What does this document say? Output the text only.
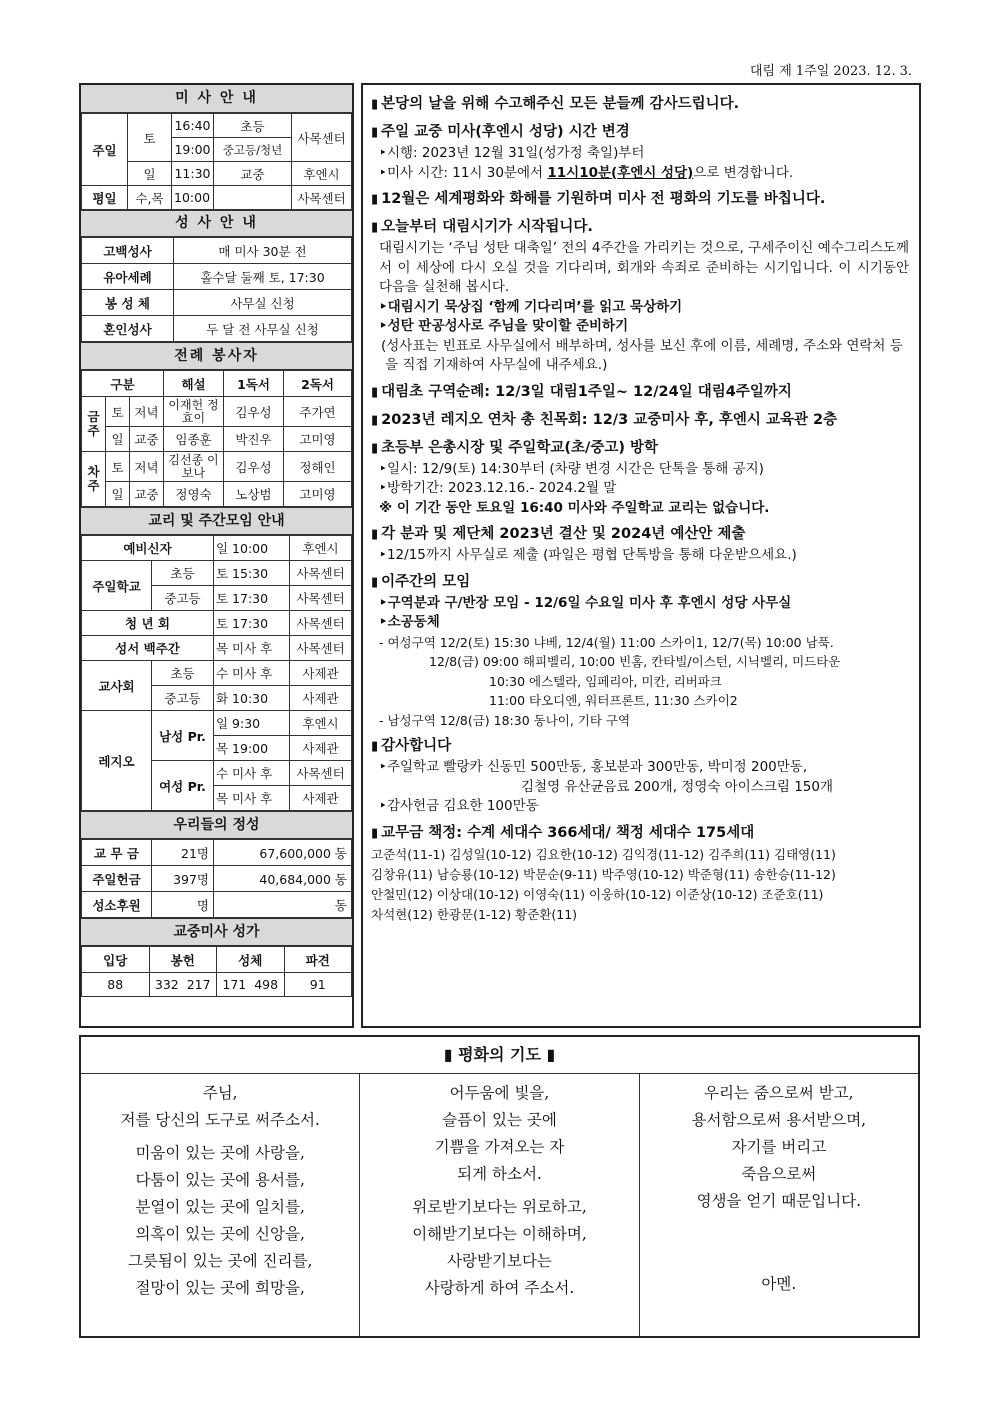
대림 제 1주일 2023. 12. 3.
미 사 안 내
주일	토	16:40	초등	사목센터
		19:00	중고등/청년	
	일	11:30	교중	후엔시
평일	수,목	10:00		사목센터
성 사 안 내
고백성사	매 미사 30분 전
유아세례	홀수달 둘째 토, 17:30
봉 성 체	사무실 신청
혼인성사	두 달 전 사무실 신청
전례 봉사자
구분			해설	1독서	2독서
금주	토	저녁	이재헌 정효이	김우성	주가연
	일	교중	임종훈	박진우	고미영
차주	토	저녁	김선종 이보나	김우성	정해인
	일	교중	정영숙	노상범	고미영
교리 및 주간모임 안내
예비신자		일 10:00	후엔시
주일학교	초등	토 15:30	사목센터
	중고등	토 17:30	사목센터
청 년 회		토 17:30	사목센터
성서 백주간		목 미사 후	사목센터
교사회	초등	수 미사 후	사제관
	중고등	화 10:30	사제관
레지오	남성 Pr.	일 9:30	후엔시
		목 19:00	사제관
	여성 Pr.	수 미사 후	사목센터
		목 미사 후	사제관
우리들의 정성
교 무 금	21명	67,600,000 동
주일헌금	397명	40,684,000 동
성소후원	명	동
교중미사 성가
입당	봉헌	성체	파견
88	332  217	171  498	91
▮ 본당의 날을 위해 수고해주신 모든 분들께 감사드립니다.
▮ 주일 교중 미사(후엔시 성당) 시간 변경
‣시행: 2023년 12월 31일(성가정 축일)부터
‣미사 시간: 11시 30분에서 11시10분(후엔시 성당)으로 변경합니다.
▮ 12월은 세계평화와 화해를 기원하며 미사 전 평화의 기도를 바칩니다.
▮ 오늘부터 대림시기가 시작됩니다.
대림시기는 ‘주님 성탄 대축일’ 전의 4주간을 가리키는 것으로, 구세주이신 예수그리스도께서 이 세상에 다시 오실 것을 기다리며, 회개와 속죄로 준비하는 시기입니다. 이 시기동안 다음을 실천해 봅시다.
‣대림시기 묵상집 ‘함께 기다리며’를 읽고 묵상하기
‣성탄 판공성사로 주님을 맞이할 준비하기
(성사표는 빈표로 사무실에서 배부하며, 성사를 보신 후에 이름, 세례명, 주소와 연락처 등을 직접 기재하여 사무실에 내주세요.)
▮ 대림초 구역순례: 12/3일 대림1주일~ 12/24일 대림4주일까지
▮ 2023년 레지오 연차 총 친목회: 12/3 교중미사 후, 후엔시 교육관 2층
▮ 초등부 은총시장 및 주일학교(초/중고) 방학
‣일시: 12/9(토) 14:30부터 (차량 변경 시간은 단톡을 통해 공지)
‣방학기간: 2023.12.16.- 2024.2월 말
※ 이 기간 동안 토요일 16:40 미사와 주일학교 교리는 없습니다.
▮ 각 분과 및 제단체 2023년 결산 및 2024년 예산안 제출
‣12/15까지 사무실로 제출 (파일은 평협 단톡방을 통해 다운받으세요.)
▮ 이주간의 모임
‣구역분과 구/반장 모임 - 12/6일 수요일 미사 후 후엔시 성당 사무실
‣소공동체
- 여성구역 12/2(토) 15:30 냐베, 12/4(월) 11:00 스카이1, 12/7(목) 10:00 남푹.
12/8(금) 09:00 해피벨리, 10:00 빈홈, 칸타빌/이스턴, 시닉벨리, 미드타운
10:30 에스텔라, 임페리아, 미칸, 리버파크
11:00 타오디엔, 워터프론트, 11:30 스카이2
- 남성구역 12/8(금) 18:30 동나이, 기타 구역
▮ 감사합니다
‣주일학교 빨랑카 신동민 500만동, 홍보분과 300만동, 박미정 200만동,
김철영 유산균음료 200개, 정영숙 아이스크림 150개
‣감사헌금 김요한 100만동
▮ 교무금 책정: 수계 세대수 366세대/ 책정 세대수 175세대
고준석(11-1) 김성일(10-12) 김요한(10-12) 김익경(11-12) 김주희(11) 김태영(11)
김창유(11) 남승룡(10-12) 박문순(9-11) 박주영(10-12) 박준형(11) 송한승(11-12)
안철민(12) 이상대(10-12) 이영숙(11) 이웅하(10-12) 이준상(10-12) 조준호(11)
차석현(12) 한광문(1-12) 황준환(11)
▮ 평화의 기도 ▮
주님,
저를 당신의 도구로 써주소서.
미움이 있는 곳에 사랑을,
다툼이 있는 곳에 용서를,
분열이 있는 곳에 일치를,
의혹이 있는 곳에 신앙을,
그릇됨이 있는 곳에 진리를,
절망이 있는 곳에 희망을,
어두움에 빛을,
슬픔이 있는 곳에
기쁨을 가져오는 자
되게 하소서.
위로받기보다는 위로하고,
이해받기보다는 이해하며,
사랑받기보다는
사랑하게 하여 주소서.
우리는 줌으로써 받고,
용서함으로써 용서받으며,
자기를 버리고
죽음으로써
영생을 얻기 때문입니다.
아멘.
